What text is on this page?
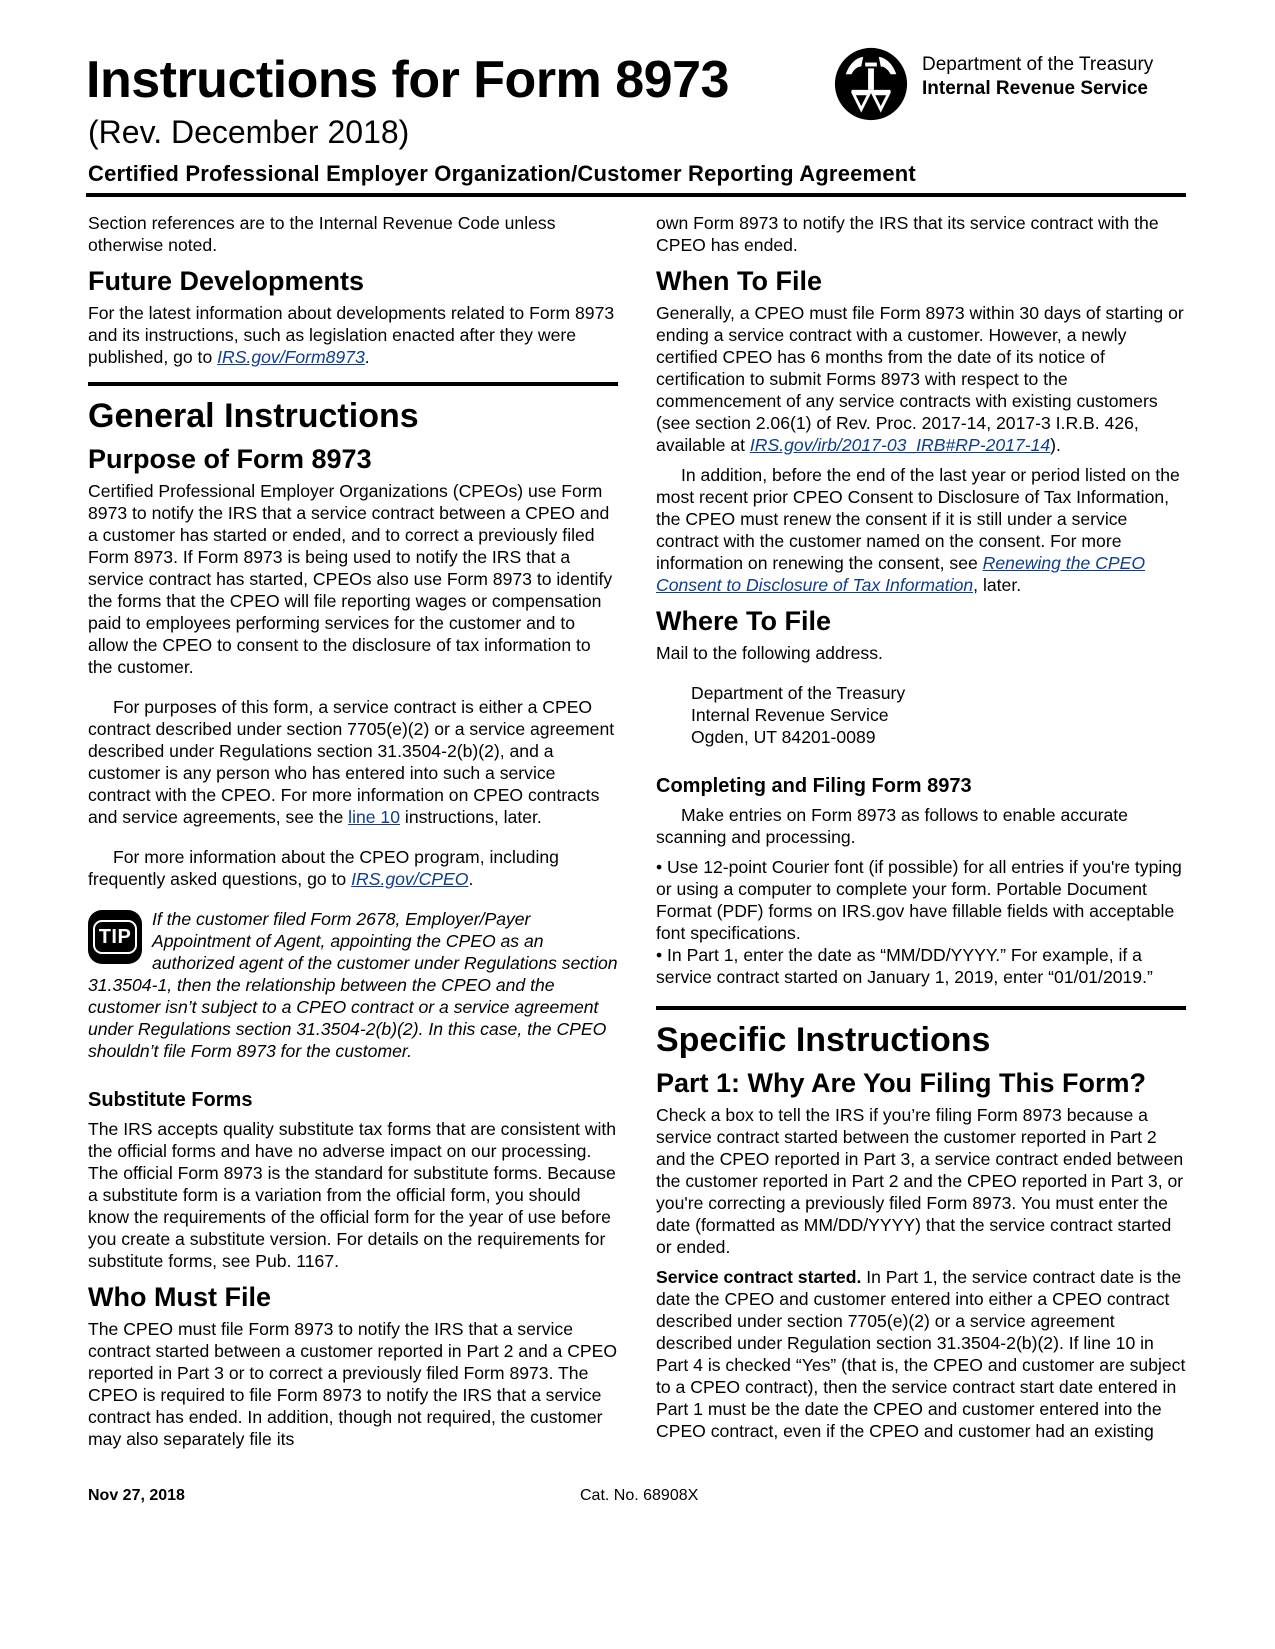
Instructions for Form 8973
(Rev. December 2018)
Certified Professional Employer Organization/Customer Reporting Agreement
Department of the Treasury
Internal Revenue Service

Section references are to the Internal Revenue Code unless otherwise noted.

Future Developments

For the latest information about developments related to Form 8973 and its instructions, such as legislation enacted after they were published, go to IRS.gov/Form8973.

General Instructions
Purpose of Form 8973

Certified Professional Employer Organizations (CPEOs) use Form 8973 to notify the IRS that a service contract between a CPEO and a customer has started or ended, and to correct a previously filed Form 8973. If Form 8973 is being used to notify the IRS that a service contract has started, CPEOs also use Form 8973 to identify the forms that the CPEO will file reporting wages or compensation paid to employees performing services for the customer and to allow the CPEO to consent to the disclosure of tax information to the customer.

For purposes of this form, a service contract is either a CPEO contract described under section 7705(e)(2) or a service agreement described under Regulations section 31.3504-2(b)(2), and a customer is any person who has entered into such a service contract with the CPEO. For more information on CPEO contracts and service agreements, see the line 10 instructions, later.

For more information about the CPEO program, including frequently asked questions, go to IRS.gov/CPEO.

TIP
If the customer filed Form 2678, Employer/Payer Appointment of Agent, appointing the CPEO as an authorized agent of the customer under Regulations section 31.3504-1, then the relationship between the CPEO and the customer isn’t subject to a CPEO contract or a service agreement under Regulations section 31.3504-2(b)(2). In this case, the CPEO shouldn’t file Form 8973 for the customer.
Substitute Forms

The IRS accepts quality substitute tax forms that are consistent with the official forms and have no adverse impact on our processing. The official Form 8973 is the standard for substitute forms. Because a substitute form is a variation from the official form, you should know the requirements of the official form for the year of use before you create a substitute version. For details on the requirements for substitute forms, see Pub. 1167.

Who Must File

The CPEO must file Form 8973 to notify the IRS that a service contract started between a customer reported in Part 2 and a CPEO reported in Part 3 or to correct a previously filed Form 8973. The CPEO is required to file Form 8973 to notify the IRS that a service contract has ended. In addition, though not required, the customer may also separately file its

own Form 8973 to notify the IRS that its service contract with the CPEO has ended.

When To File

Generally, a CPEO must file Form 8973 within 30 days of starting or ending a service contract with a customer. However, a newly certified CPEO has 6 months from the date of its notice of certification to submit Forms 8973 with respect to the commencement of any service contracts with existing customers (see section 2.06(1) of Rev. Proc. 2017-14, 2017-3 I.R.B. 426, available at IRS.gov/irb/2017-03_IRB#RP-2017-14).

In addition, before the end of the last year or period listed on the most recent prior CPEO Consent to Disclosure of Tax Information, the CPEO must renew the consent if it is still under a service contract with the customer named on the consent. For more information on renewing the consent, see Renewing the CPEO Consent to Disclosure of Tax Information, later.

Where To File

Mail to the following address.

Department of the Treasury
Internal Revenue Service
Ogden, UT 84201-0089
Completing and Filing Form 8973

Make entries on Form 8973 as follows to enable accurate scanning and processing.

• Use 12-point Courier font (if possible) for all entries if you're typing or using a computer to complete your form. Portable Document Format (PDF) forms on IRS.gov have fillable fields with acceptable font specifications.

• In Part 1, enter the date as “MM/DD/YYYY.” For example, if a service contract started on January 1, 2019, enter “01/01/2019.”

Specific Instructions
Part 1: Why Are You Filing This Form?

Check a box to tell the IRS if you’re filing Form 8973 because a service contract started between the customer reported in Part 2 and the CPEO reported in Part 3, a service contract ended between the customer reported in Part 2 and the CPEO reported in Part 3, or you're correcting a previously filed Form 8973. You must enter the date (formatted as MM/DD/YYYY) that the service contract started or ended.

Service contract started. In Part 1, the service contract date is the date the CPEO and customer entered into either a CPEO contract described under section 7705(e)(2) or a service agreement described under Regulation section 31.3504-2(b)(2). If line 10 in Part 4 is checked “Yes” (that is, the CPEO and customer are subject to a CPEO contract), then the service contract start date entered in Part 1 must be the date the CPEO and customer entered into the CPEO contract, even if the CPEO and customer had an existing

Nov 27, 2018	Cat. No. 68908X
